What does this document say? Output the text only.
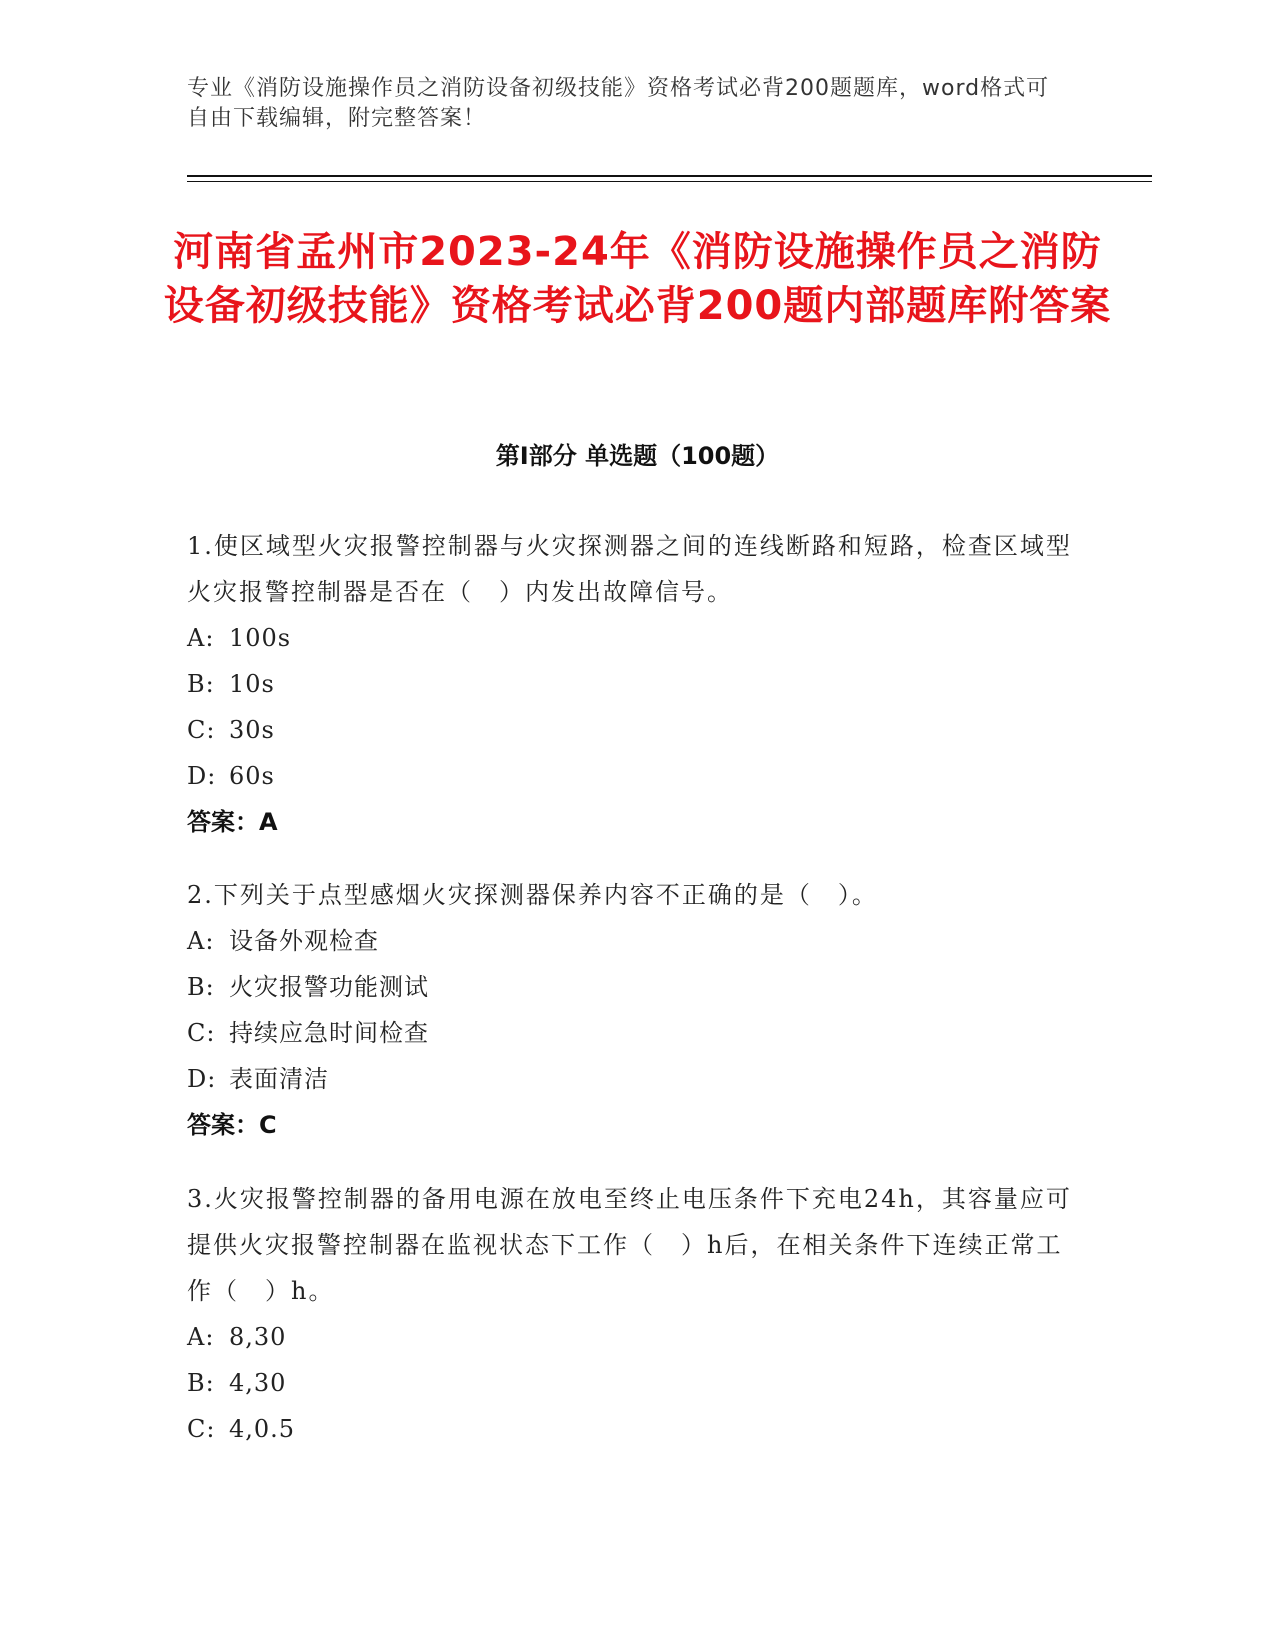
专业《消防设施操作员之消防设备初级技能》资格考试必背200题题库，word格式可自由下载编辑，附完整答案！
河南省孟州市2023-24年《消防设施操作员之消防设备初级技能》资格考试必背200题内部题库附答案
第Ⅰ部分 单选题（100题）
1.使区域型火灾报警控制器与火灾探测器之间的连线断路和短路，检查区域型火灾报警控制器是否在（　）内发出故障信号。
A: 100s
B: 10s
C: 30s
D: 60s
答案：A
2.下列关于点型感烟火灾探测器保养内容不正确的是（　）。
A: 设备外观检查
B: 火灾报警功能测试
C: 持续应急时间检查
D: 表面清洁
答案：C
3.火灾报警控制器的备用电源在放电至终止电压条件下充电24h，其容量应可提供火灾报警控制器在监视状态下工作（　）h后，在相关条件下连续正常工作（　）h。
A: 8,30
B: 4,30
C: 4,0.5
